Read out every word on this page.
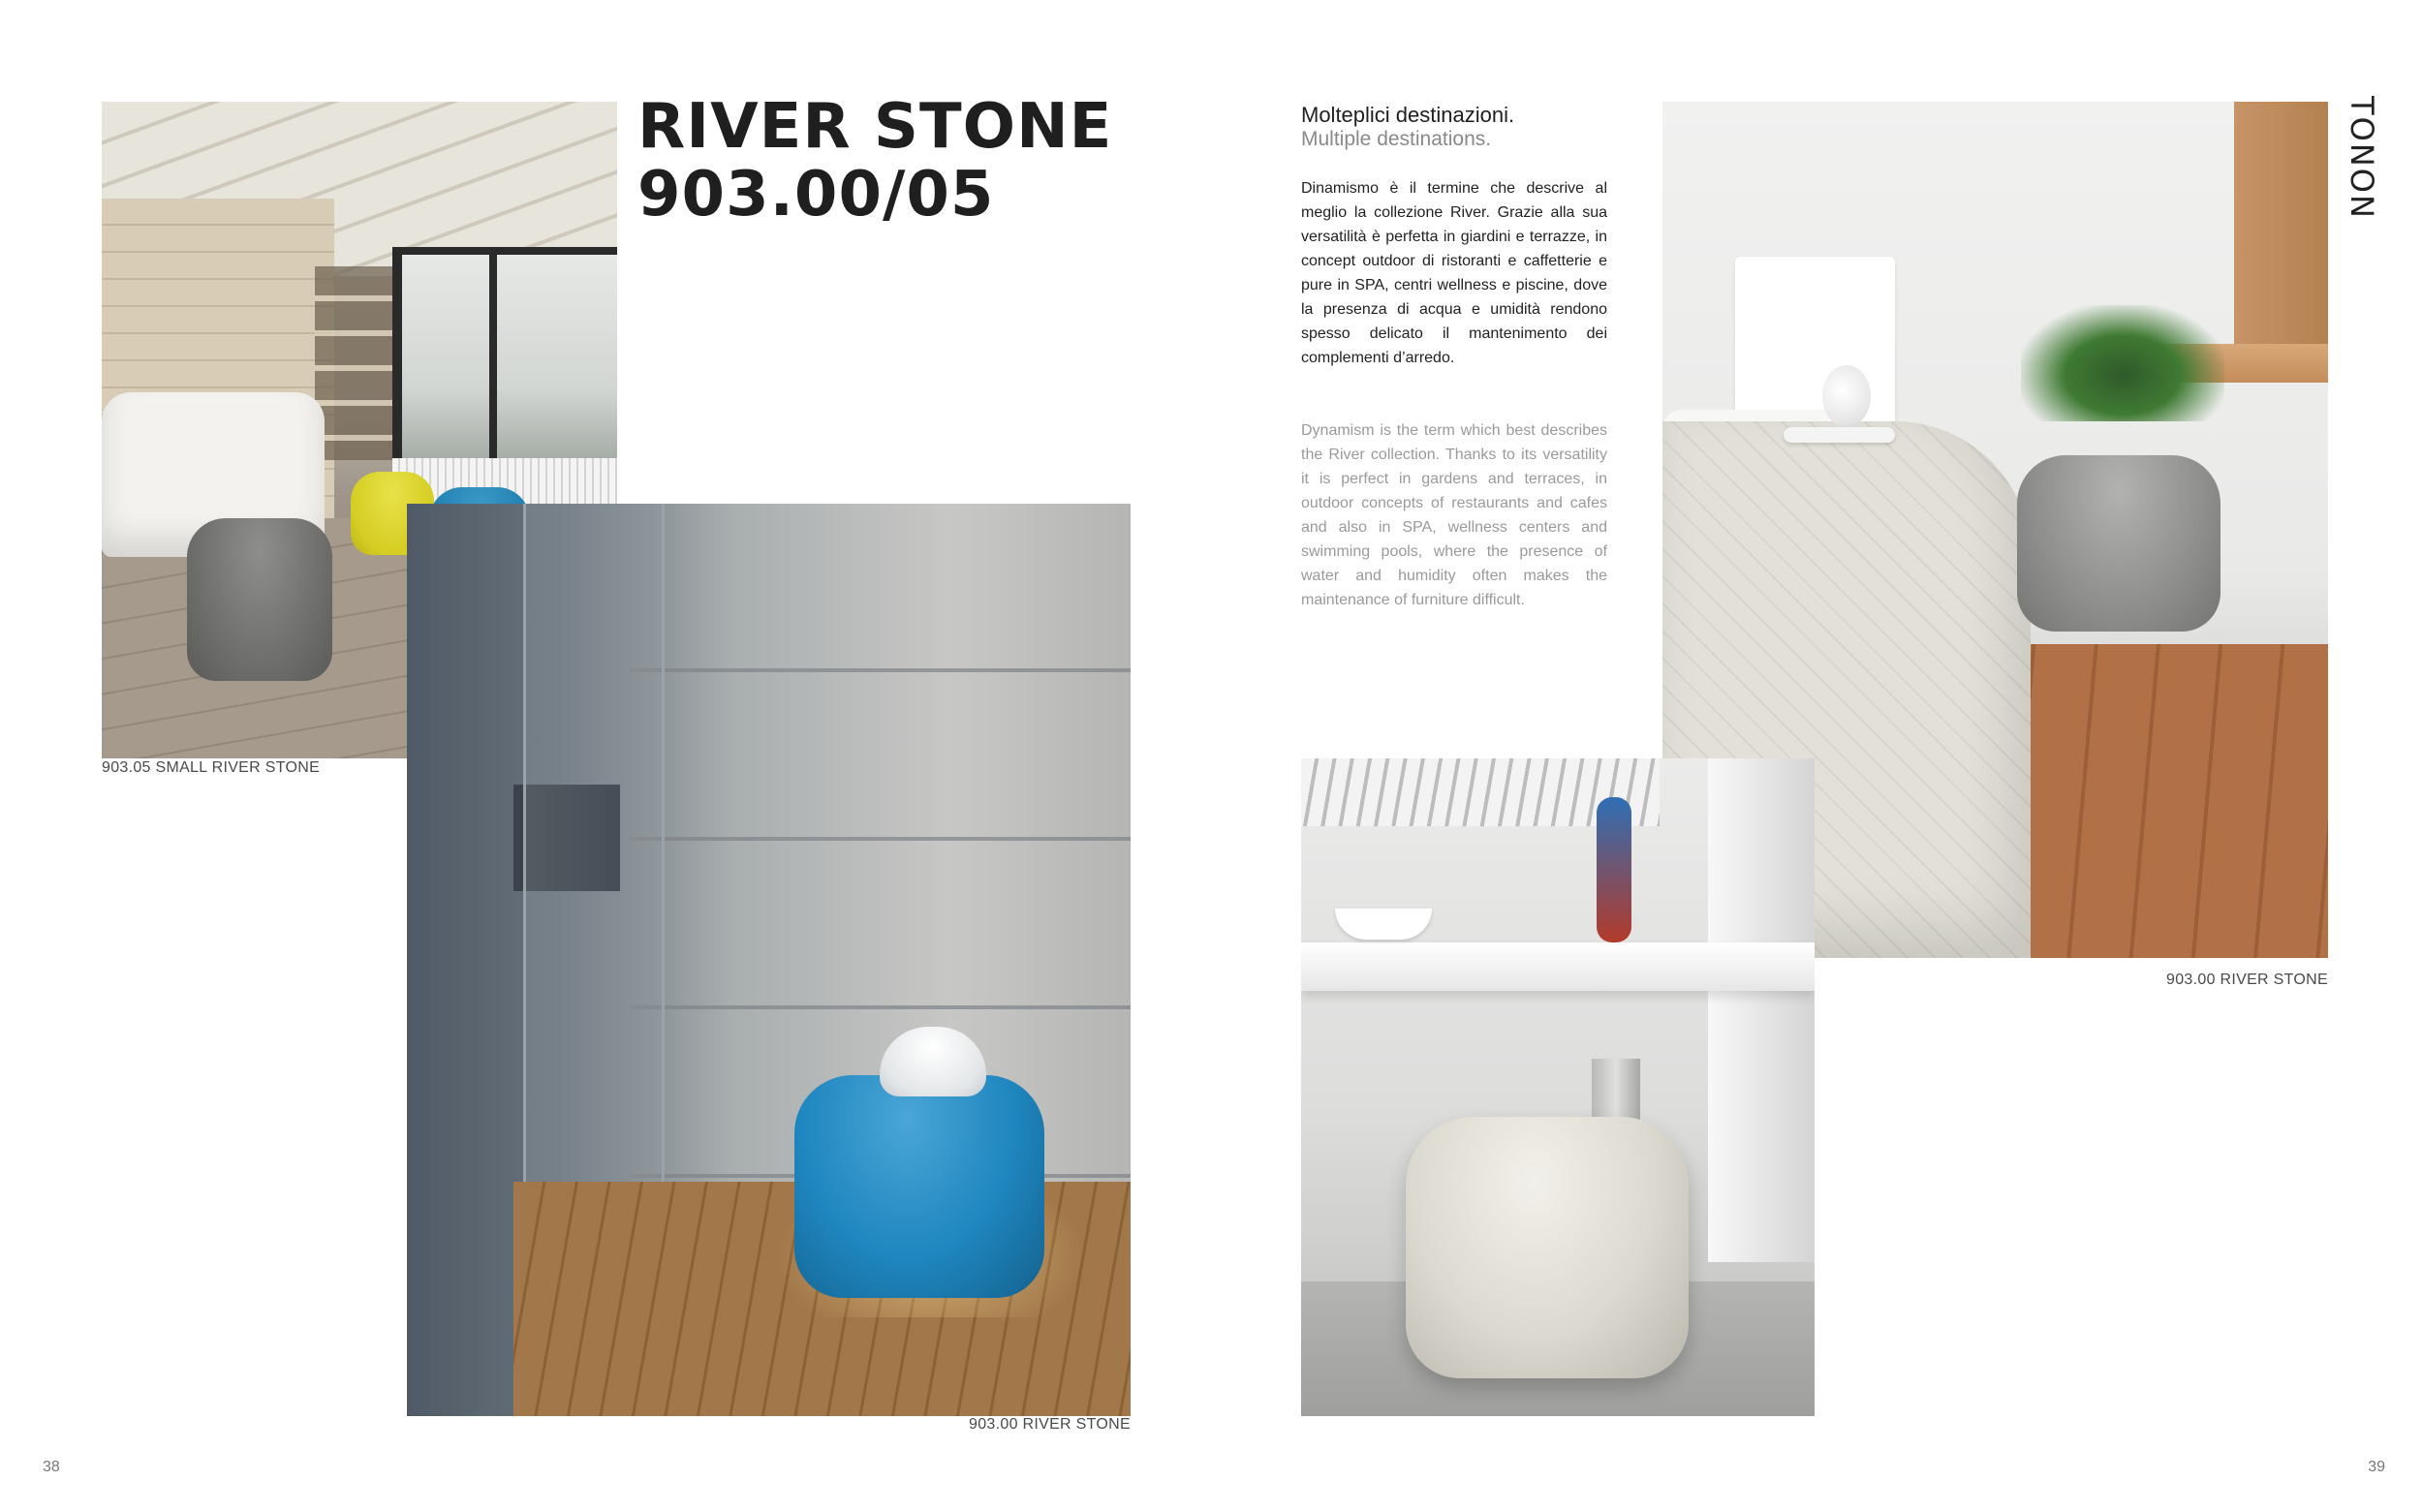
RIVER STONE
903.00/05
Molteplici destinazioni.
Multiple destinations.
Dinamismo è il termine che descrive al meglio la collezione River. Grazie alla sua versatilità è perfetta in giardini e terrazze, in concept outdoor di ristoranti e caffetterie e pure in SPA, centri wellness e piscine, dove la presenza di acqua e umidità rendono spesso delicato il mantenimento dei complementi d’arredo.
Dynamism is the term which best describes the River collection. Thanks to its versatility it is perfect in gardens and terraces, in outdoor concepts of restaurants and cafes and also in SPA, wellness centers and swimming pools, where the presence of water and humidity often makes the maintenance of furniture difficult.
TONON
903.05 SMALL RIVER STONE
903.00 RIVER STONE
903.00 RIVER STONE
38	39
